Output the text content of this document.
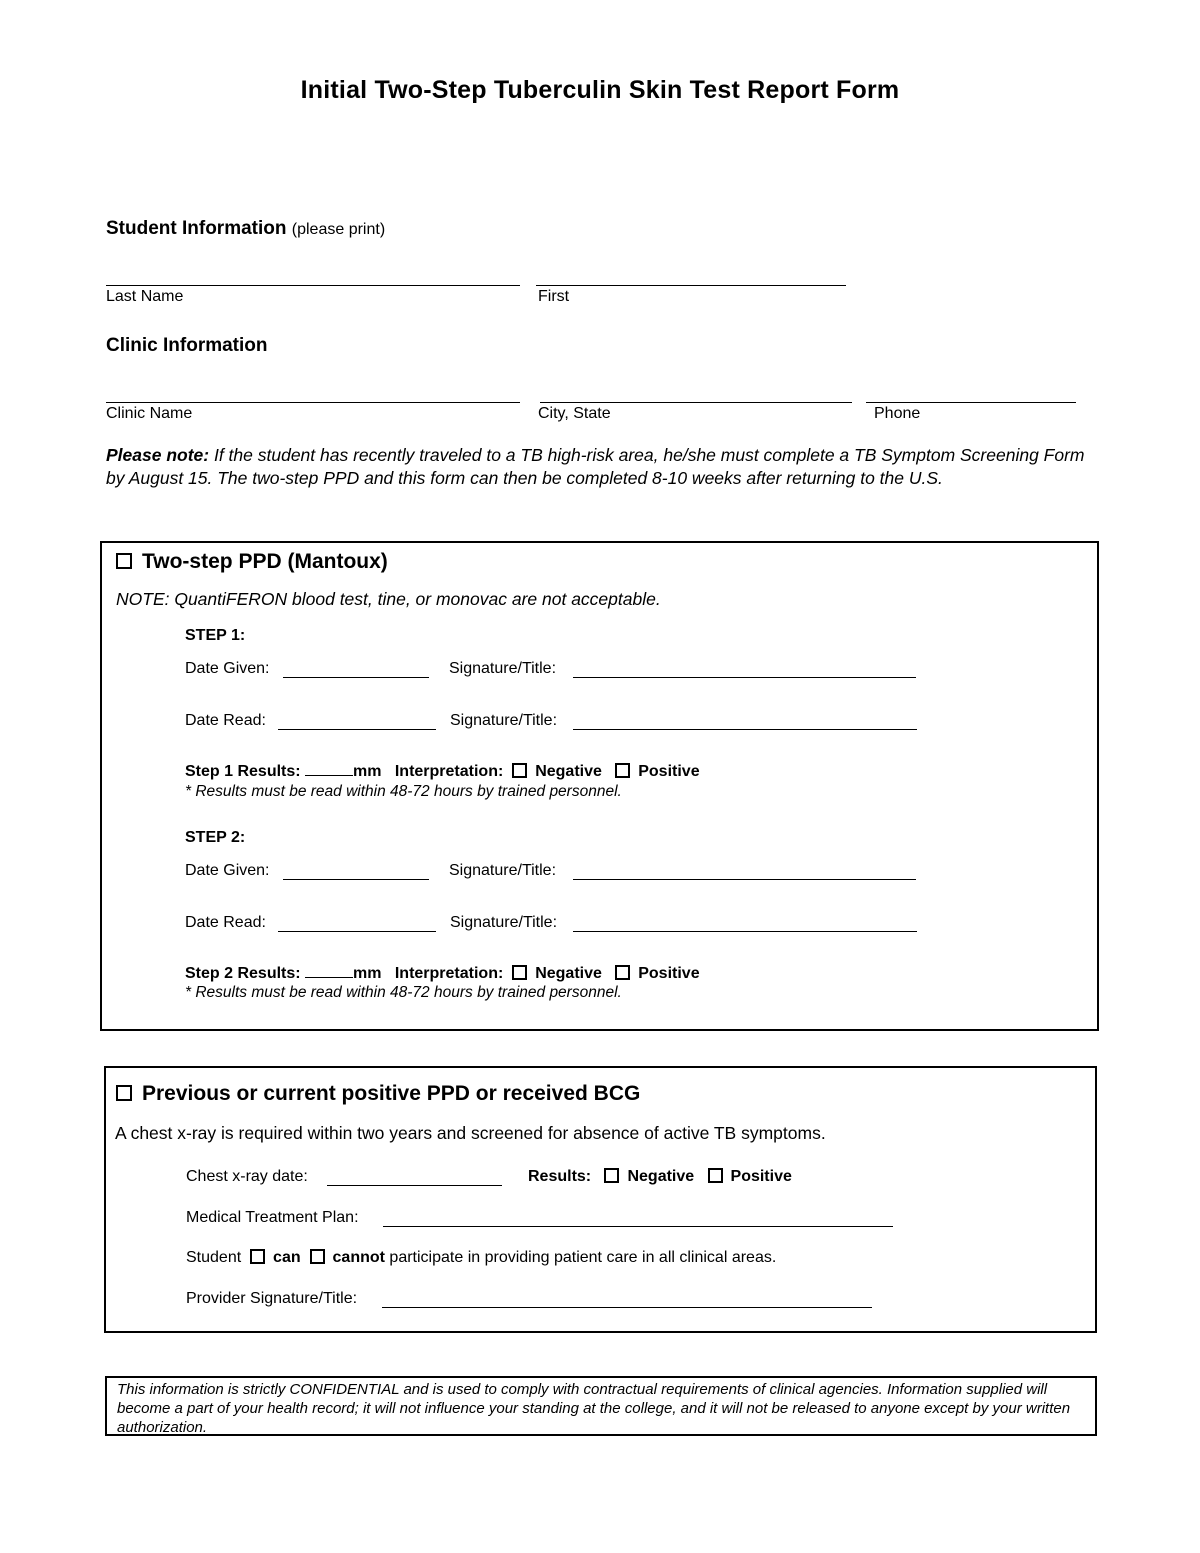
Initial Two-Step Tuberculin Skin Test Report Form
Student Information (please print)
Last Name	First
Clinic Information
Clinic Name	City, State	Phone
Please note: If the student has recently traveled to a TB high-risk area, he/she must complete a TB Symptom Screening Form by August 15. The two-step PPD and this form can then be completed 8-10 weeks after returning to the U.S.
Two-step PPD (Mantoux)
NOTE: QuantiFERON blood test, tine, or monovac are not acceptable.
STEP 1:
Date Given:	Signature/Title:
Date Read:	Signature/Title:
Step 1 Results:	mm Interpretation: Negative Positive
* Results must be read within 48-72 hours by trained personnel.
STEP 2:
Date Given:	Signature/Title:
Date Read:	Signature/Title:
Step 2 Results:	mm Interpretation: Negative Positive
* Results must be read within 48-72 hours by trained personnel.
Previous or current positive PPD or received BCG
A chest x-ray is required within two years and screened for absence of active TB symptoms.
Chest x-ray date:	Results: Negative Positive
Medical Treatment Plan:
Student can cannot participate in providing patient care in all clinical areas.
Provider Signature/Title:
This information is strictly CONFIDENTIAL and is used to comply with contractual requirements of clinical agencies. Information supplied will become a part of your health record; it will not influence your standing at the college, and it will not be released to anyone except by your written authorization.
